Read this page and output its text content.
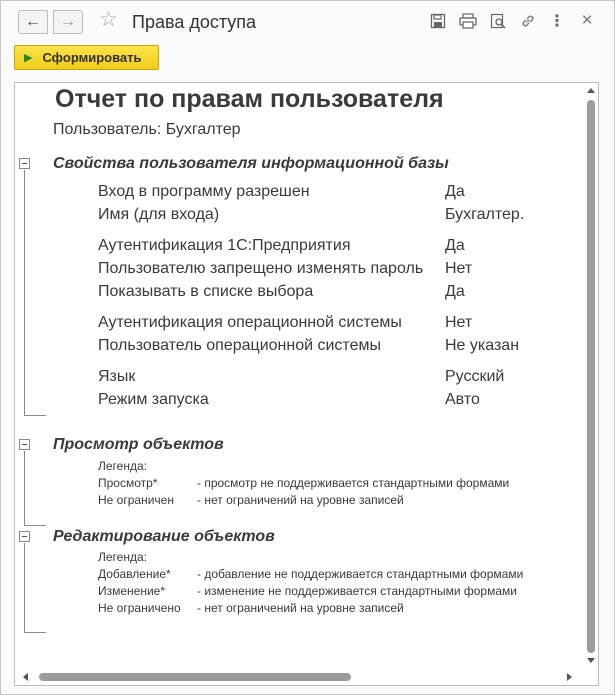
← → ☆ Права доступа	⋮ ×
▶ Сформировать
Отчет по правам пользователя
Пользователь: Бухгалтер
Свойства пользователя информационной базы
Вход в программу разрешен	Да
Имя (для входа)	Бухгалтер.
Аутентификация 1С:Предприятия	Да
Пользователю запрещено изменять пароль Нет
Показывать в списке выбора	Да
Аутентификация операционной системы	Нет
Пользователь операционной системы	Не указан
Язык	Русский
Режим запуска	Авто
Просмотр объектов
Легенда:
Просмотр*	- просмотр не поддерживается стандартными формами
Не ограничен - нет ограничений на уровне записей
Редактирование объектов
Легенда:
Добавление* - добавление не поддерживается стандартными формами
Изменение*	- изменение не поддерживается стандартными формами
Не ограничено - нет ограничений на уровне записей
